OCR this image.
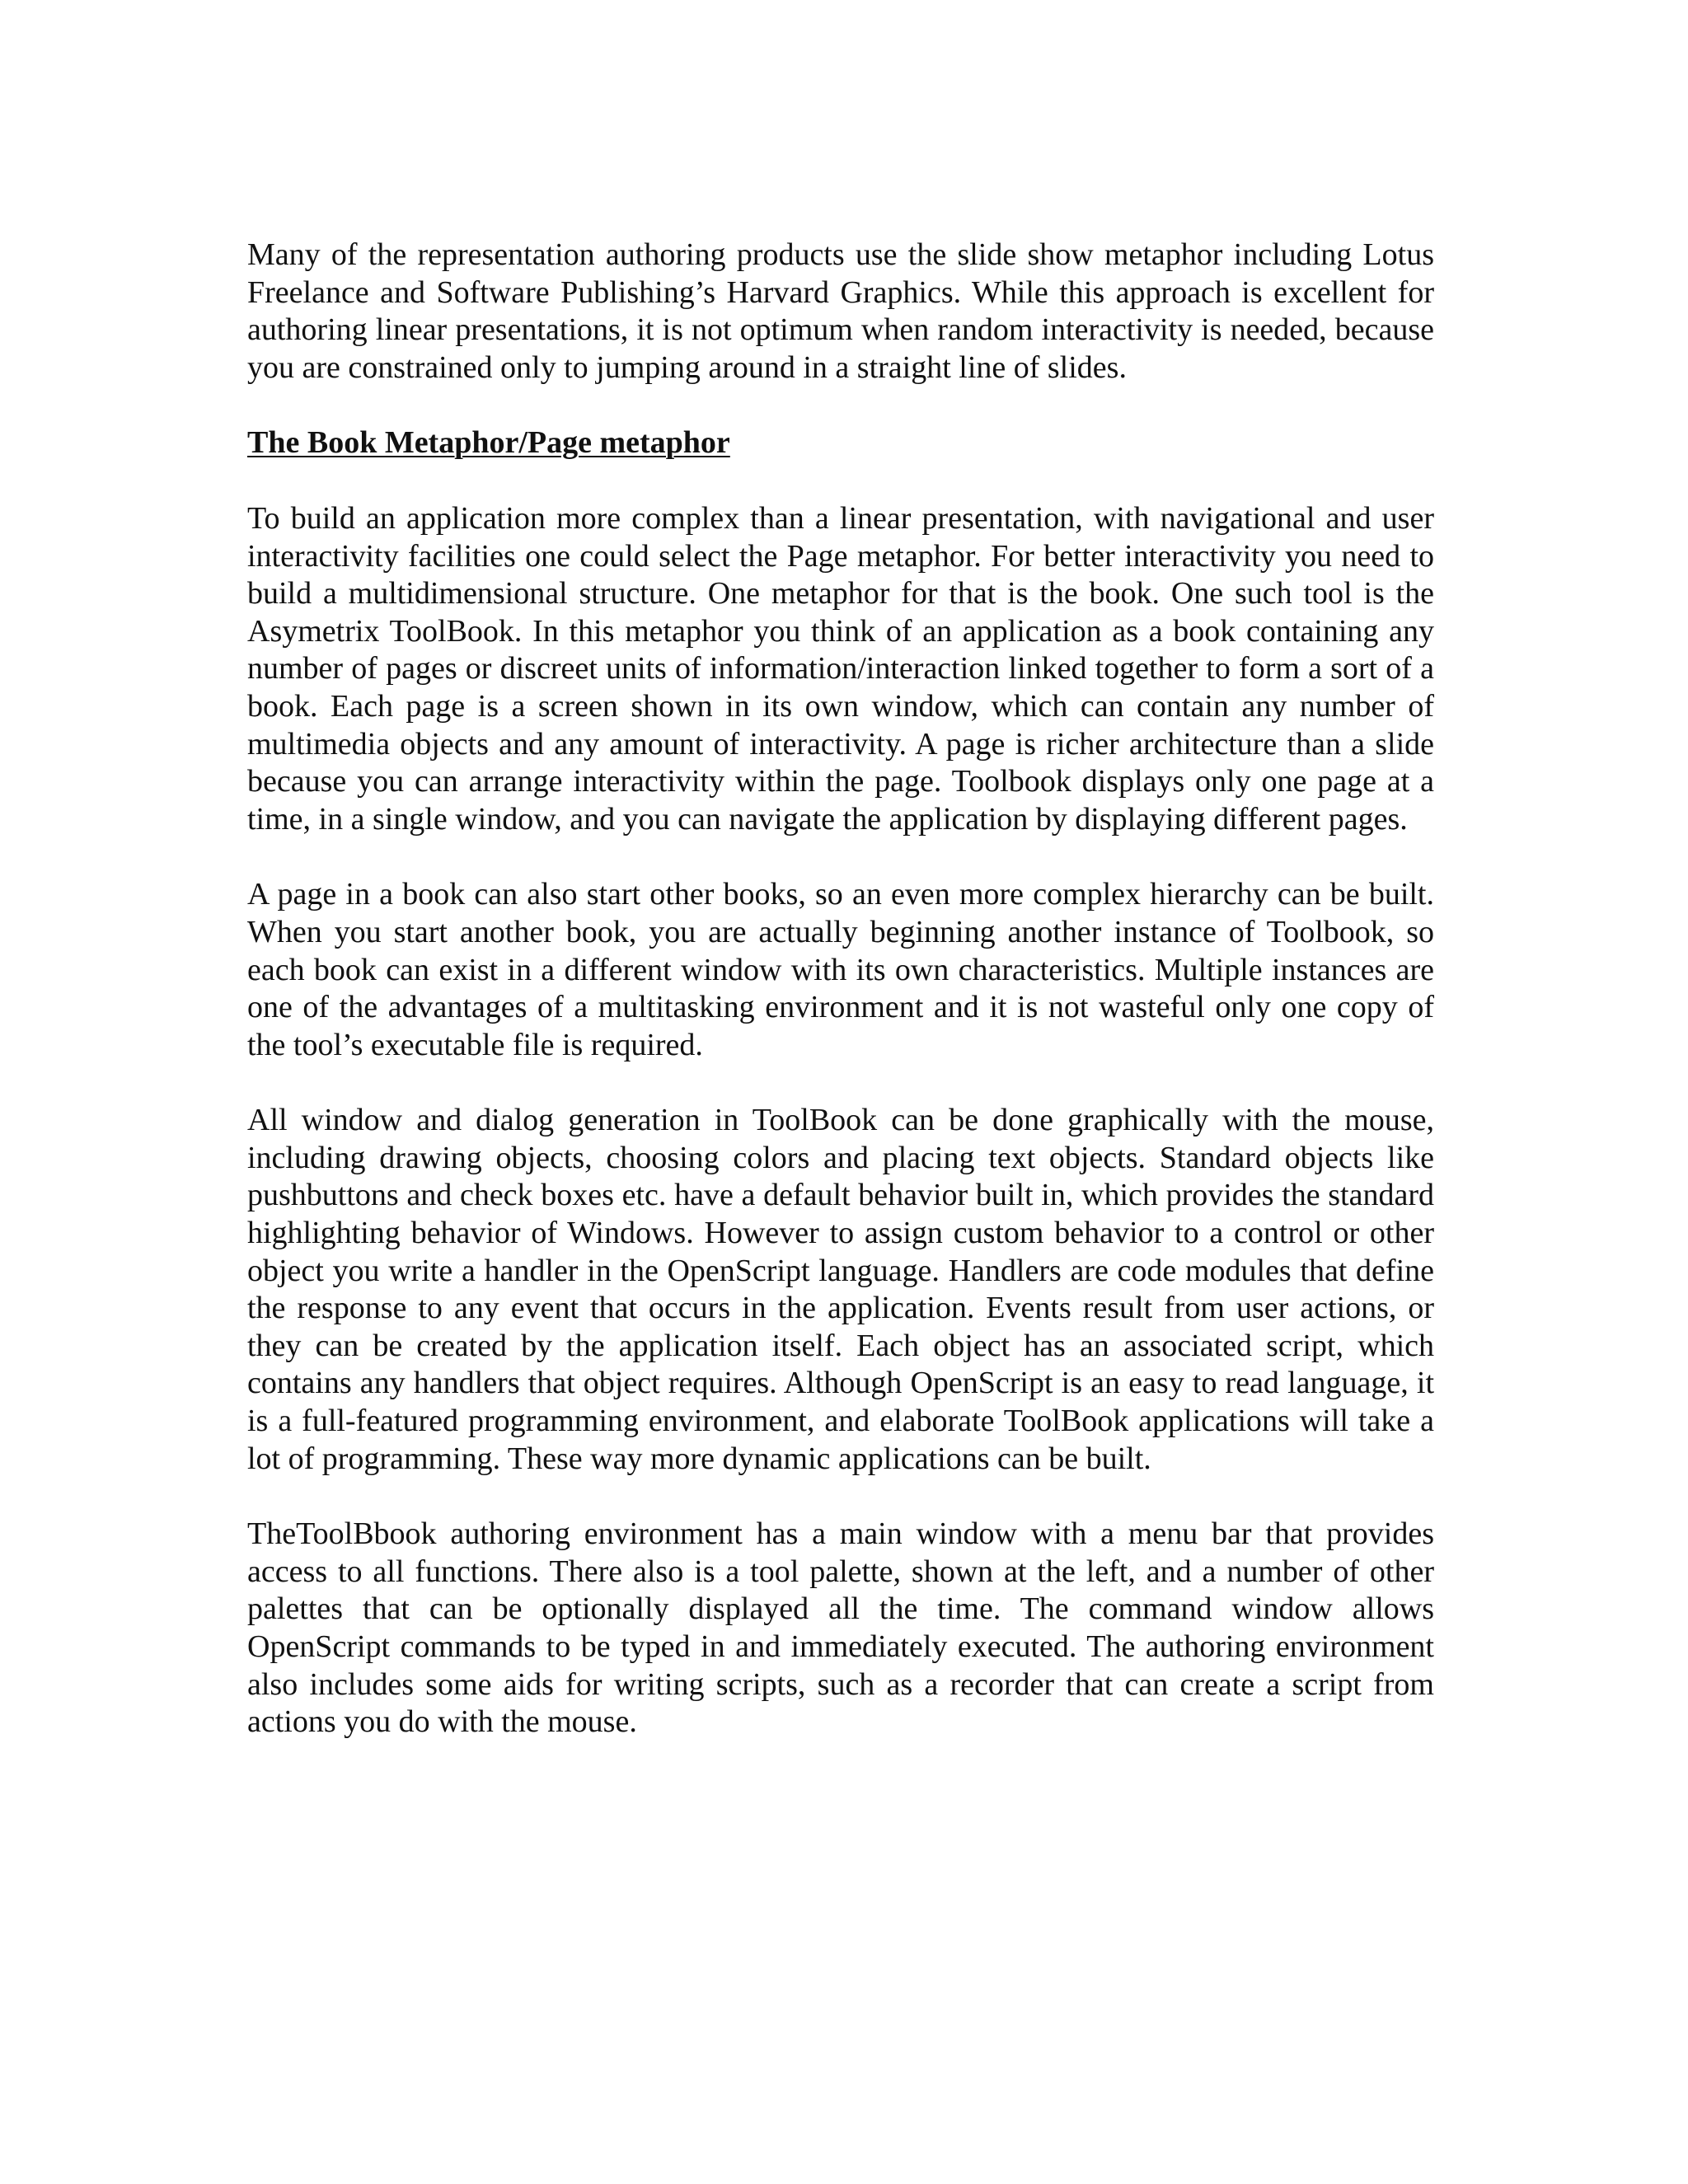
Many of the representation authoring products use the slide show metaphor including Lotus Freelance and Software Publishing’s Harvard Graphics. While this approach is excellent for authoring linear presentations, it is not optimum when random interactivity is needed, because you are constrained only to jumping around in a straight line of slides.

The Book Metaphor/Page metaphor

To build an application more complex than a linear presentation, with navigational and user interactivity facilities one could select the Page metaphor. For better interactivity you need to build a multidimensional structure. One metaphor for that is the book. One such tool is the Asymetrix ToolBook. In this metaphor you think of an application as a book containing any number of pages or discreet units of information/interaction linked together to form a sort of a book. Each page is a screen shown in its own window, which can contain any number of multimedia objects and any amount of interactivity. A page is richer architecture than a slide because you can arrange interactivity within the page. Toolbook displays only one page at a time, in a single window, and you can navigate the application by displaying different pages.

A page in a book can also start other books, so an even more complex hierarchy can be built. When you start another book, you are actually beginning another instance of Toolbook, so each book can exist in a different window with its own characteristics. Multiple instances are one of the advantages of a multitasking environment and it is not wasteful only one copy of the tool’s executable file is required.

All window and dialog generation in ToolBook can be done graphically with the mouse, including drawing objects, choosing colors and placing text objects. Standard objects like pushbuttons and check boxes etc. have a default behavior built in, which provides the standard highlighting behavior of Windows. However to assign custom behavior to a control or other object you write a handler in the OpenScript language. Handlers are code modules that define the response to any event that occurs in the application. Events result from user actions, or they can be created by the application itself. Each object has an associated script, which contains any handlers that object requires. Although OpenScript is an easy to read language, it is a full-featured programming environment, and elaborate ToolBook applications will take a lot of programming. These way more dynamic applications can be built.

TheToolBbook authoring environment has a main window with a menu bar that provides access to all functions. There also is a tool palette, shown at the left, and a number of other palettes that can be optionally displayed all the time. The command window allows OpenScript commands to be typed in and immediately executed. The authoring environment also includes some aids for writing scripts, such as a recorder that can create a script from actions you do with the mouse.
